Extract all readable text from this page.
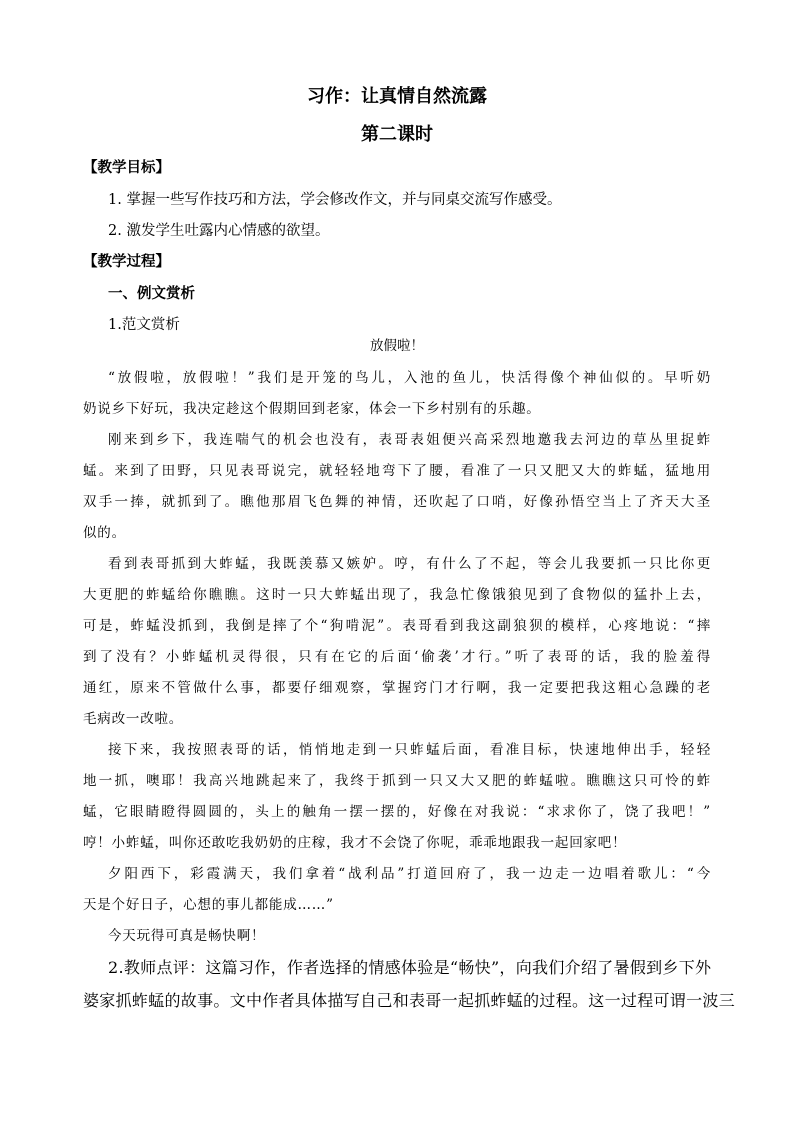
习作：让真情自然流露
第二课时
【教学目标】
1. 掌握一些写作技巧和方法，学会修改作文，并与同桌交流写作感受。
2. 激发学生吐露内心情感的欲望。
【教学过程】
一、例文赏析
1.范文赏析
放假啦！
“放假啦，放假啦！”我们是开笼的鸟儿，入池的鱼儿，快活得像个神仙似的。早听奶
奶说乡下好玩，我决定趁这个假期回到老家，体会一下乡村别有的乐趣。
刚来到乡下，我连喘气的机会也没有，表哥表姐便兴高采烈地邀我去河边的草丛里捉蚱
蜢。来到了田野，只见表哥说完，就轻轻地弯下了腰，看准了一只又肥又大的蚱蜢，猛地用
双手一捧，就抓到了。瞧他那眉飞色舞的神情，还吹起了口哨，好像孙悟空当上了齐天大圣
似的。
看到表哥抓到大蚱蜢，我既羡慕又嫉妒。哼，有什么了不起，等会儿我要抓一只比你更
大更肥的蚱蜢给你瞧瞧。这时一只大蚱蜢出现了，我急忙像饿狼见到了食物似的猛扑上去，
可是，蚱蜢没抓到，我倒是摔了个“狗啃泥”。表哥看到我这副狼狈的模样，心疼地说：“摔
到了没有？小蚱蜢机灵得很，只有在它的后面‘偷袭’才行。”听了表哥的话，我的脸羞得
通红，原来不管做什么事，都要仔细观察，掌握窍门才行啊，我一定要把我这粗心急躁的老
毛病改一改啦。
接下来，我按照表哥的话，悄悄地走到一只蚱蜢后面，看准目标，快速地伸出手，轻轻
地一抓，噢耶！我高兴地跳起来了，我终于抓到一只又大又肥的蚱蜢啦。瞧瞧这只可怜的蚱
蜢，它眼睛瞪得圆圆的，头上的触角一摆一摆的，好像在对我说：“求求你了，饶了我吧！”
哼！小蚱蜢，叫你还敢吃我奶奶的庄稼，我才不会饶了你呢，乖乖地跟我一起回家吧！
夕阳西下，彩霞满天，我们拿着“战利品”打道回府了，我一边走一边唱着歌儿：“今
天是个好日子，心想的事儿都能成……”
今天玩得可真是畅快啊！
2.教师点评：这篇习作，作者选择的情感体验是“畅快”，向我们介绍了暑假到乡下外
婆家抓蚱蜢的故事。文中作者具体描写自己和表哥一起抓蚱蜢的过程。这一过程可谓一波三
